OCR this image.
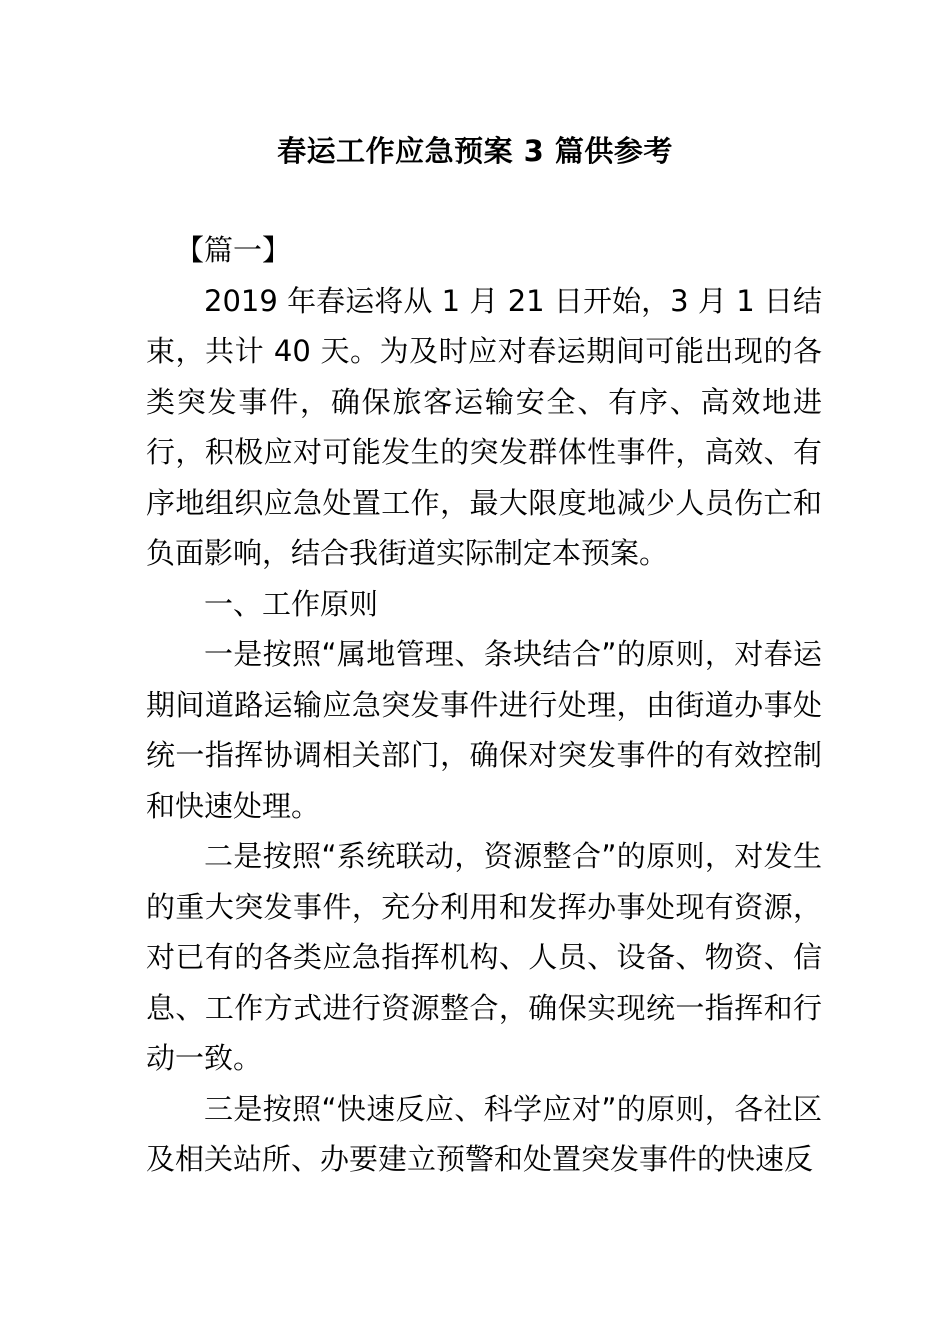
春运工作应急预案 3 篇供参考

【篇一】

2019 年春运将从 1 月 21 日开始，3 月 1 日结束，共计 40 天。为及时应对春运期间可能出现的各类突发事件，确保旅客运输安全、有序、高效地进行，积极应对可能发生的突发群体性事件，高效、有序地组织应急处置工作，最大限度地减少人员伤亡和负面影响，结合我街道实际制定本预案。

一、工作原则

一是按照“属地管理、条块结合”的原则，对春运期间道路运输应急突发事件进行处理，由街道办事处统一指挥协调相关部门，确保对突发事件的有效控制和快速处理。

二是按照“系统联动，资源整合”的原则，对发生的重大突发事件，充分利用和发挥办事处现有资源，对已有的各类应急指挥机构、人员、设备、物资、信息、工作方式进行资源整合，确保实现统一指挥和行动一致。

三是按照“快速反应、科学应对”的原则，各社区及相关站所、办要建立预警和处置突发事件的快速反
